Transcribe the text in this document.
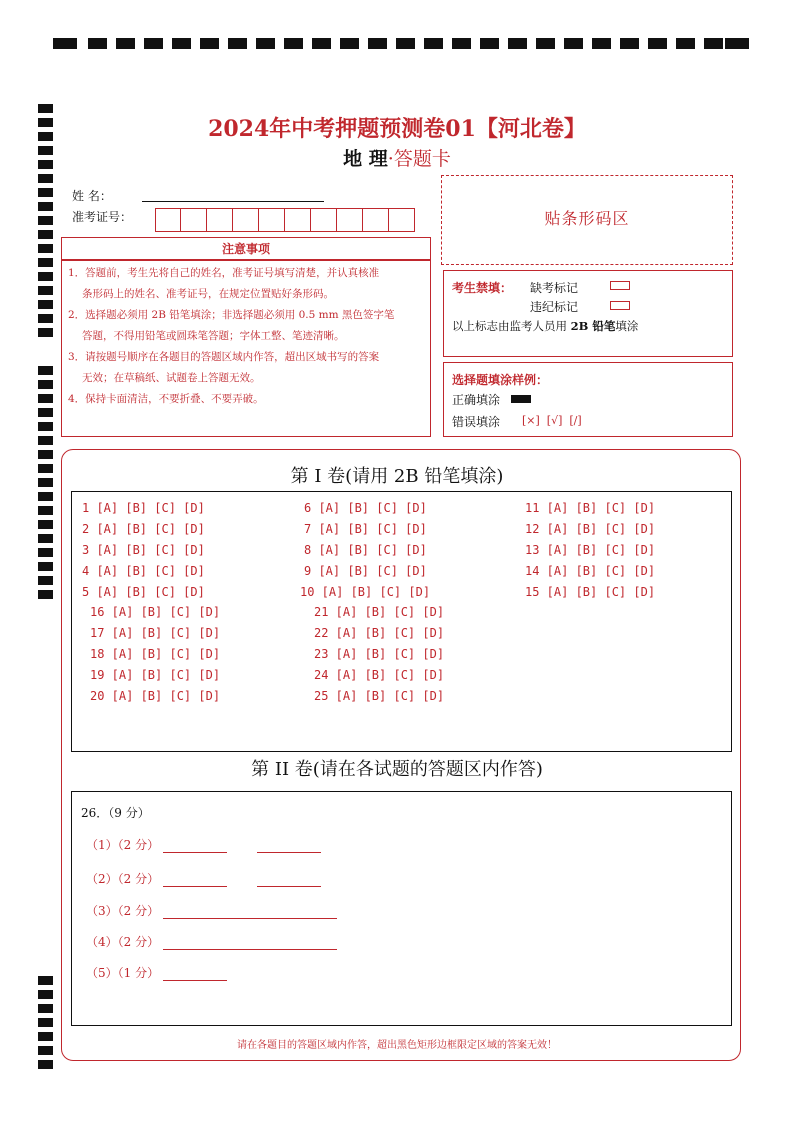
2024年中考押题预测卷01【河北卷】
地 理·答题卡
姓 名：
准考证号：	贴条形码区
注意事项
1．答题前，考生先将自己的姓名，准考证号填写清楚，并认真核准
条形码上的姓名、准考证号，在规定位置贴好条形码。
2．选择题必须用 2B 铅笔填涂；非选择题必须用 0.5 mm 黑色签字笔
答题，不得用铅笔或圆珠笔答题；字体工整、笔迹清晰。
3．请按题号顺序在各题目的答题区域内作答，超出区域书写的答案
无效；在草稿纸、试题卷上答题无效。
4．保持卡面清洁，不要折叠、不要弄破。
考生禁填： 缺考标记
违纪标记
以上标志由监考人员用 2B 铅笔填涂
选择题填涂样例：
正确填涂
错误填涂 [×]  [√]  [/]
第 I 卷(请用 2B 铅笔填涂)
1 [A] [B] [C] [D]
2 [A] [B] [C] [D]
3 [A] [B] [C] [D]
4 [A] [B] [C] [D]
5 [A] [B] [C] [D]
6 [A] [B] [C] [D]
7 [A] [B] [C] [D]
8 [A] [B] [C] [D]
9 [A] [B] [C] [D]
10 [A] [B] [C] [D]
11 [A] [B] [C] [D]
12 [A] [B] [C] [D]
13 [A] [B] [C] [D]
14 [A] [B] [C] [D]
15 [A] [B] [C] [D]
16 [A] [B] [C] [D]
17 [A] [B] [C] [D]
18 [A] [B] [C] [D]
19 [A] [B] [C] [D]
20 [A] [B] [C] [D]
21 [A] [B] [C] [D]
22 [A] [B] [C] [D]
23 [A] [B] [C] [D]
24 [A] [B] [C] [D]
25 [A] [B] [C] [D]
第 II 卷(请在各试题的答题区内作答)
26．（9 分）
（1）（2 分）
（2）（2 分）
（3）（2 分）
（4）（2 分）
（5）（1 分）
请在各题目的答题区域内作答，超出黑色矩形边框限定区域的答案无效！
